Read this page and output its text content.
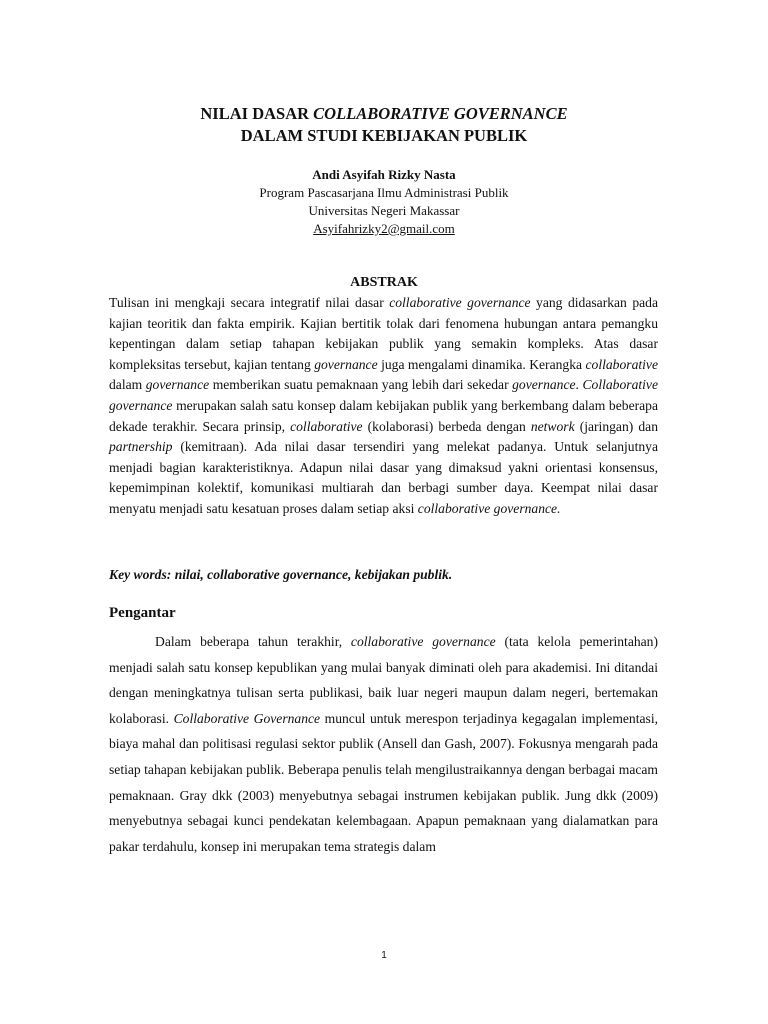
NILAI DASAR COLLABORATIVE GOVERNANCE
DALAM STUDI KEBIJAKAN PUBLIK
Andi Asyifah Rizky Nasta
Program Pascasarjana Ilmu Administrasi Publik
Universitas Negeri Makassar
Asyifahrizky2@gmail.com
ABSTRAK

Tulisan ini mengkaji secara integratif nilai dasar collaborative governance yang didasarkan pada kajian teoritik dan fakta empirik. Kajian bertitik tolak dari fenomena hubungan antara pemangku kepentingan dalam setiap tahapan kebijakan publik yang semakin kompleks. Atas dasar kompleksitas tersebut, kajian tentang governance juga mengalami dinamika. Kerangka collaborative dalam governance memberikan suatu pemaknaan yang lebih dari sekedar governance. Collaborative governance merupakan salah satu konsep dalam kebijakan publik yang berkembang dalam beberapa dekade terakhir. Secara prinsip, collaborative (kolaborasi) berbeda dengan network (jaringan) dan partnership (kemitraan). Ada nilai dasar tersendiri yang melekat padanya. Untuk selanjutnya menjadi bagian karakteristiknya. Adapun nilai dasar yang dimaksud yakni orientasi konsensus, kepemimpinan kolektif, komunikasi multiarah dan berbagi sumber daya. Keempat nilai dasar menyatu menjadi satu kesatuan proses dalam setiap aksi collaborative governance.

Key words: nilai, collaborative governance, kebijakan publik.

Pengantar

Dalam beberapa tahun terakhir, collaborative governance (tata kelola pemerintahan) menjadi salah satu konsep kepublikan yang mulai banyak diminati oleh para akademisi. Ini ditandai dengan meningkatnya tulisan serta publikasi, baik luar negeri maupun dalam negeri, bertemakan kolaborasi. Collaborative Governance muncul untuk merespon terjadinya kegagalan implementasi, biaya mahal dan politisasi regulasi sektor publik (Ansell dan Gash, 2007). Fokusnya mengarah pada setiap tahapan kebijakan publik. Beberapa penulis telah mengilustraikannya dengan berbagai macam pemaknaan. Gray dkk (2003) menyebutnya sebagai instrumen kebijakan publik. Jung dkk (2009) menyebutnya sebagai kunci pendekatan kelembagaan. Apapun pemaknaan yang dialamatkan para pakar terdahulu, konsep ini merupakan tema strategis dalam

1
